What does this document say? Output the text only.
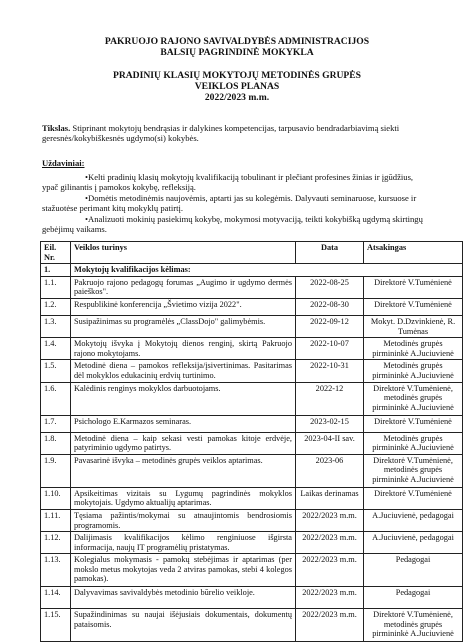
PAKRUOJO RAJONO SAVIVALDYBĖS ADMINISTRACIJOS
BALSIŲ PAGRINDINĖ MOKYKLA
PRADINIŲ KLASIŲ MOKYTOJŲ METODINĖS GRUPĖS
VEIKLOS PLANAS
2022/2023 m.m.
Tikslas. Stiprinant mokytojų bendrąsias ir dalykines kompetencijas, tarpusavio bendradarbiavimą siekti
geresnės/kokybiškesnės ugdymo(si) kokybės.
Uždaviniai:
•Kelti pradinių klasių mokytojų kvalifikaciją tobulinant ir plečiant profesines žinias ir įgūdžius,
ypač gilinantis į pamokos kokybę, refleksiją.
•Domėtis metodinėmis naujovėmis, aptarti jas su kolegėmis. Dalyvauti seminaruose, kursuose ir
stažuotėse perimant kitų mokyklų patirtį.
•Analizuoti mokinių pasiekimų kokybę, mokymosi motyvaciją, teikti kokybišką ugdymą skirtingų
gebėjimų vaikams.
Eil. Nr.	Veiklos turinys	Data	Atsakingas
1.	Mokytojų kvalifikacijos kėlimas:		
1.1.	Pakruojo rajono pedagogų forumas „Augimo ir ugdymo dermės paieškos".	2022-08-25	Direktorė V.Tumėnienė
1.2.	Respublikinė konferencija „Švietimo vizija 2022".	2022-08-30	Direktorė V.Tumėnienė
1.3.	Susipažinimas su programėlės „ClassDojo" galimybėmis.	2022-09-12	Mokyt. D.Dzvinkienė, R. Tumėnas
1.4.	Mokytojų išvyka į Mokytojų dienos renginį, skirtą Pakruojo rajono mokytojams.	2022-10-07	Metodinės grupės pirmininkė A.Juciuvienė
1.5.	Metodinė diena – pamokos refleksija/įsivertinimas. Pasitarimas dėl mokyklos edukacinių erdvių turtinimo.	2022-10-31	Metodinės grupės pirmininkė A.Juciuvienė
1.6.	Kalėdinis renginys mokyklos darbuotojams.	2022-12	Direktorė V.Tumėnienė, metodinės grupės pirmininkė A.Juciuvienė
1.7.	Psichologo E.Karmazos seminaras.	2023-02-15	Direktorė V.Tumėnienė
1.8.	Metodinė diena – kaip sekasi vesti pamokas kitoje erdvėje, patyriminio ugdymo patirtys.	2023-04-II sav.	Metodinės grupės pirmininkė A.Juciuvienė
1.9.	Pavasarinė išvyka – metodinės grupės veiklos aptarimas.	2023-06	Direktorė V.Tumėnienė, metodinės grupės pirmininkė A.Juciuvienė
1.10.	Apsikeitimas vizitais su Lygumų pagrindinės mokyklos mokytojais. Ugdymo aktualijų aptarimas.	Laikas derinamas	Direktorė V.Tumėnienė
1.11.	Tęsiama pažintis/mokymai su atnaujintomis bendrosiomis programomis.	2022/2023 m.m.	A.Juciuvienė, pedagogai
1.12.	Dalijimasis kvalifikacijos kėlimo renginiuose išgirsta informacija, naujų IT programėlių pristatymas.	2022/2023 m.m.	A.Juciuvienė, pedagogai
1.13.	Kolegialus mokymasis - pamokų stebėjimas ir aptarimas (per mokslo metus mokytojas veda 2 atviras pamokas, stebi 4 kolegos pamokas).	2022/2023 m.m.	Pedagogai
1.14.	Dalyvavimas savivaldybės metodinio būrelio veikloje.	2022/2023 m.m.	Pedagogai
1.15.	Supažindinimas su naujai išėjusiais dokumentais, dokumentų pataisomis.	2022/2023 m.m.	Direktorė V.Tumėnienė, metodinės grupės pirmininkė A.Juciuvienė
